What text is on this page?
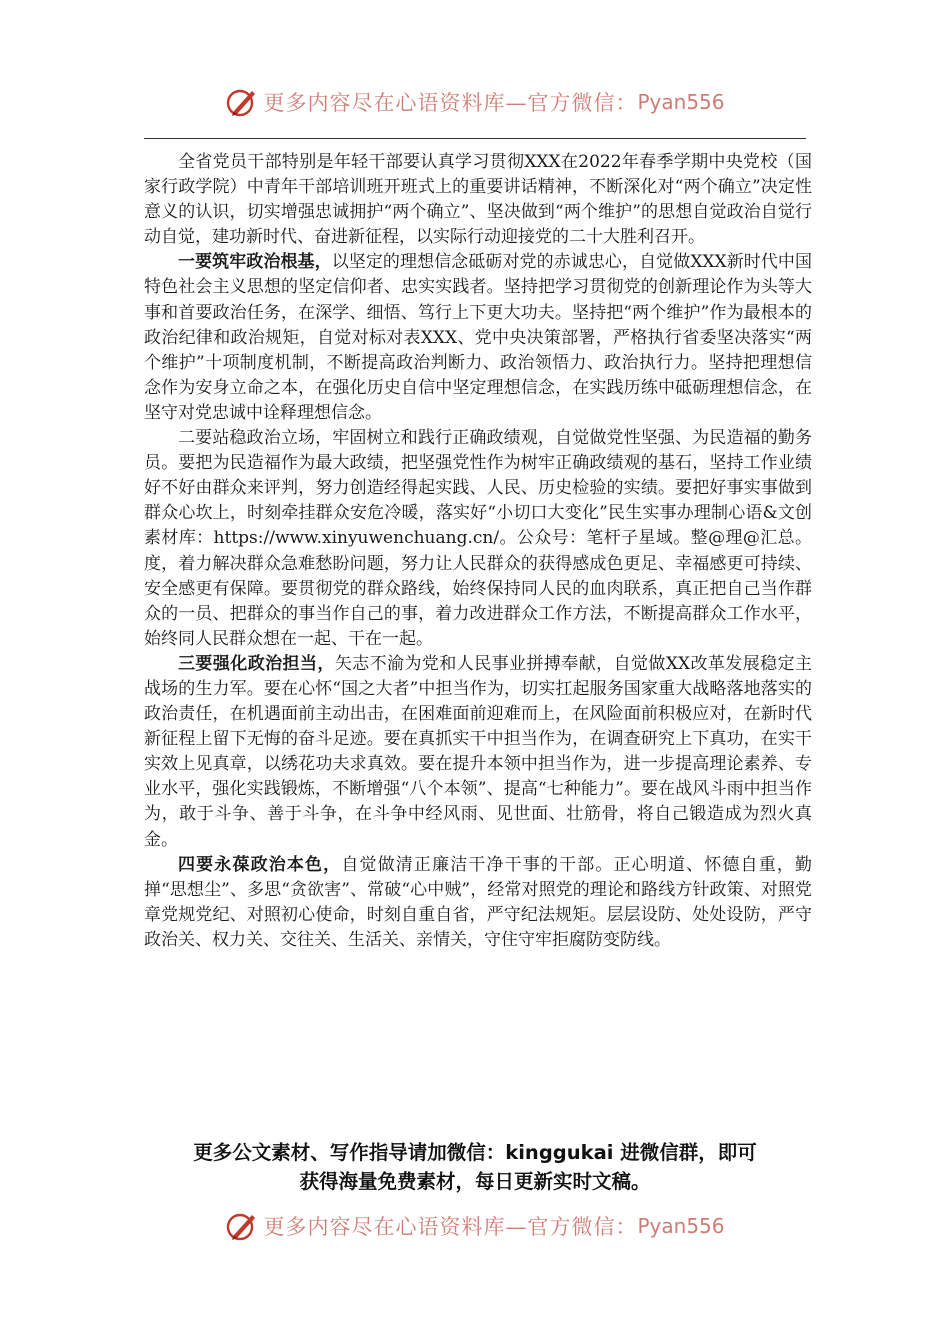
更多内容尽在心语资料库—官方微信： Pyan556

全省党员干部特别是年轻干部要认真学习贯彻XXX在2022年春季学期中央党校（国家行政学院）中青年干部培训班开班式上的重要讲话精神，不断深化对“两个确立”决定性意义的认识，切实增强忠诚拥护“两个确立”、坚决做到“两个维护”的思想自觉政治自觉行动自觉，建功新时代、奋进新征程，以实际行动迎接党的二十大胜利召开。

一要筑牢政治根基，以坚定的理想信念砥砺对党的赤诚忠心，自觉做XXX新时代中国特色社会主义思想的坚定信仰者、忠实实践者。坚持把学习贯彻党的创新理论作为头等大事和首要政治任务，在深学、细悟、笃行上下更大功夫。坚持把“两个维护”作为最根本的政治纪律和政治规矩，自觉对标对表XXX、党中央决策部署，严格执行省委坚决落实“两个维护”十项制度机制，不断提高政治判断力、政治领悟力、政治执行力。坚持把理想信念作为安身立命之本，在强化历史自信中坚定理想信念，在实践历练中砥砺理想信念，在坚守对党忠诚中诠释理想信念。

二要站稳政治立场，牢固树立和践行正确政绩观，自觉做党性坚强、为民造福的勤务员。要把为民造福作为最大政绩，把坚强党性作为树牢正确政绩观的基石，坚持工作业绩好不好由群众来评判，努力创造经得起实践、人民、历史检验的实绩。要把好事实事做到群众心坎上，时刻牵挂群众安危冷暖，落实好“小切口大变化”民生实事办理制心语&文创素材库：https://www.xinyuwenchuang.cn/。公众号：笔杆子星域。整@理@汇总。度，着力解决群众急难愁盼问题，努力让人民群众的获得感成色更足、幸福感更可持续、安全感更有保障。要贯彻党的群众路线，始终保持同人民的血肉联系，真正把自己当作群众的一员、把群众的事当作自己的事，着力改进群众工作方法，不断提高群众工作水平，始终同人民群众想在一起、干在一起。

三要强化政治担当，矢志不渝为党和人民事业拼搏奉献，自觉做XX改革发展稳定主战场的生力军。要在心怀“国之大者”中担当作为，切实扛起服务国家重大战略落地落实的政治责任，在机遇面前主动出击，在困难面前迎难而上，在风险面前积极应对，在新时代新征程上留下无悔的奋斗足迹。要在真抓实干中担当作为，在调查研究上下真功，在实干实效上见真章，以绣花功夫求真效。要在提升本领中担当作为，进一步提高理论素养、专业水平，强化实践锻炼，不断增强“八个本领”、提高“七种能力”。要在战风斗雨中担当作为，敢于斗争、善于斗争，在斗争中经风雨、见世面、壮筋骨，将自己锻造成为烈火真金。

四要永葆政治本色，自觉做清正廉洁干净干事的干部。正心明道、怀德自重，勤掸“思想尘”、多思“贪欲害”、常破“心中贼”，经常对照党的理论和路线方针政策、对照党章党规党纪、对照初心使命，时刻自重自省，严守纪法规矩。层层设防、处处设防，严守政治关、权力关、交往关、生活关、亲情关，守住守牢拒腐防变防线。

更多公文素材、写作指导请加微信：kinggukai 进微信群，即可
获得海量免费素材，每日更新实时文稿。
更多内容尽在心语资料库—官方微信： Pyan556
